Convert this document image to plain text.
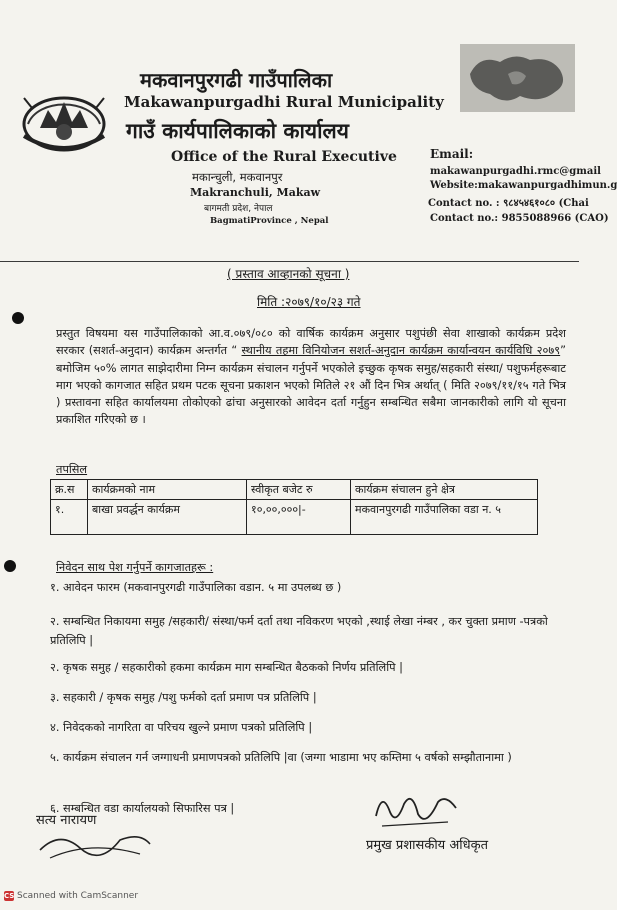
मकवानपुरगढी गाउँपालिका
Makawanpurgadhi Rural Municipality
गाउँ कार्यपालिकाको कार्यालय
Office of the Rural Executive
मकान्चुली, मकवानपुर
Makranchuli, Makaw
बागमती प्रदेश, नेपाल
BagmatiProvince , Nepal
Email:
makawanpurgadhi.rmc@gmail
Website:makawanpurgadhimun.g
Contact no. : ९८४५४६१०८० (Chai
Contact no.: 9855088966 (CAO)
( प्रस्ताव आव्हानको सूचना )
मिति :२०७९/१०/२३ गते
प्रस्तुत विषयमा यस गाउँपालिकाको आ.व.०७९/०८० को वार्षिक कार्यक्रम अनुसार पशुपंछी सेवा शाखाको कार्यक्रम प्रदेश सरकार (सशर्त-अनुदान) कार्यक्रम अन्तर्गत “ स्थानीय तहमा विनियोजन सशर्त-अनुदान कार्यक्रम कार्यान्वयन कार्यविधि २०७९” बमोजिम ५०% लागत साझेदारीमा निम्न कार्यक्रम संचालन गर्नुपर्ने भएकोले इच्छुक कृषक समुह/सहकारी संस्था/ पशुफर्महरूबाट माग भएको कागजात सहित प्रथम पटक सूचना प्रकाशन भएको मितिले २१ औं दिन भित्र अर्थात् ( मिति २०७९/११/१५ गते भित्र ) प्रस्तावना सहित कार्यालयमा तोकोएको ढांचा अनुसारको आवेदन दर्ता गर्नुहुन सम्बन्धित सबैमा जानकारीको लागि यो सूचना प्रकाशित गरिएको छ ।
तपसिल
क्र.स	कार्यक्रमको नाम	स्वीकृत बजेट रु	कार्यक्रम संचालन हुने क्षेत्र
१.	बाखा प्रवर्द्धन कार्यक्रम	१०,००,०००|-	मकवानपुरगढी गाउँपालिका वडा न. ५
निवेदन साथ पेश गर्नुपर्ने कागजातहरू :
१. आवेदन फारम (मकवानपुरगढी गाउँपालिका वडान. ५ मा उपलब्ध छ )
२. सम्बन्धित निकायमा समुह /सहकारी/ संस्था/फर्म दर्ता तथा नविकरण भएको ,स्थाई लेखा नंम्बर , कर चुक्ता प्रमाण -पत्रको प्रतिलिपि |
२. कृषक समुह / सहकारीको हकमा कार्यक्रम माग सम्बन्धित बैठकको निर्णय प्रतिलिपि |
३. सहकारी / कृषक समुह /पशु फर्मको दर्ता प्रमाण पत्र प्रतिलिपि |
४. निवेदकको नागरिता वा परिचय खुल्ने प्रमाण पत्रको प्रतिलिपि |
५. कार्यक्रम संचालन गर्न जग्गाधनी प्रमाणपत्रको प्रतिलिपि |वा (जग्गा भाडामा भए कम्तिमा ५ वर्षको सम्झौतानामा )
६. सम्बन्धित वडा कार्यालयको सिफारिस पत्र |
सत्य नारायण
प्रमुख प्रशासकीय अधिकृत
CS Scanned with CamScanner
